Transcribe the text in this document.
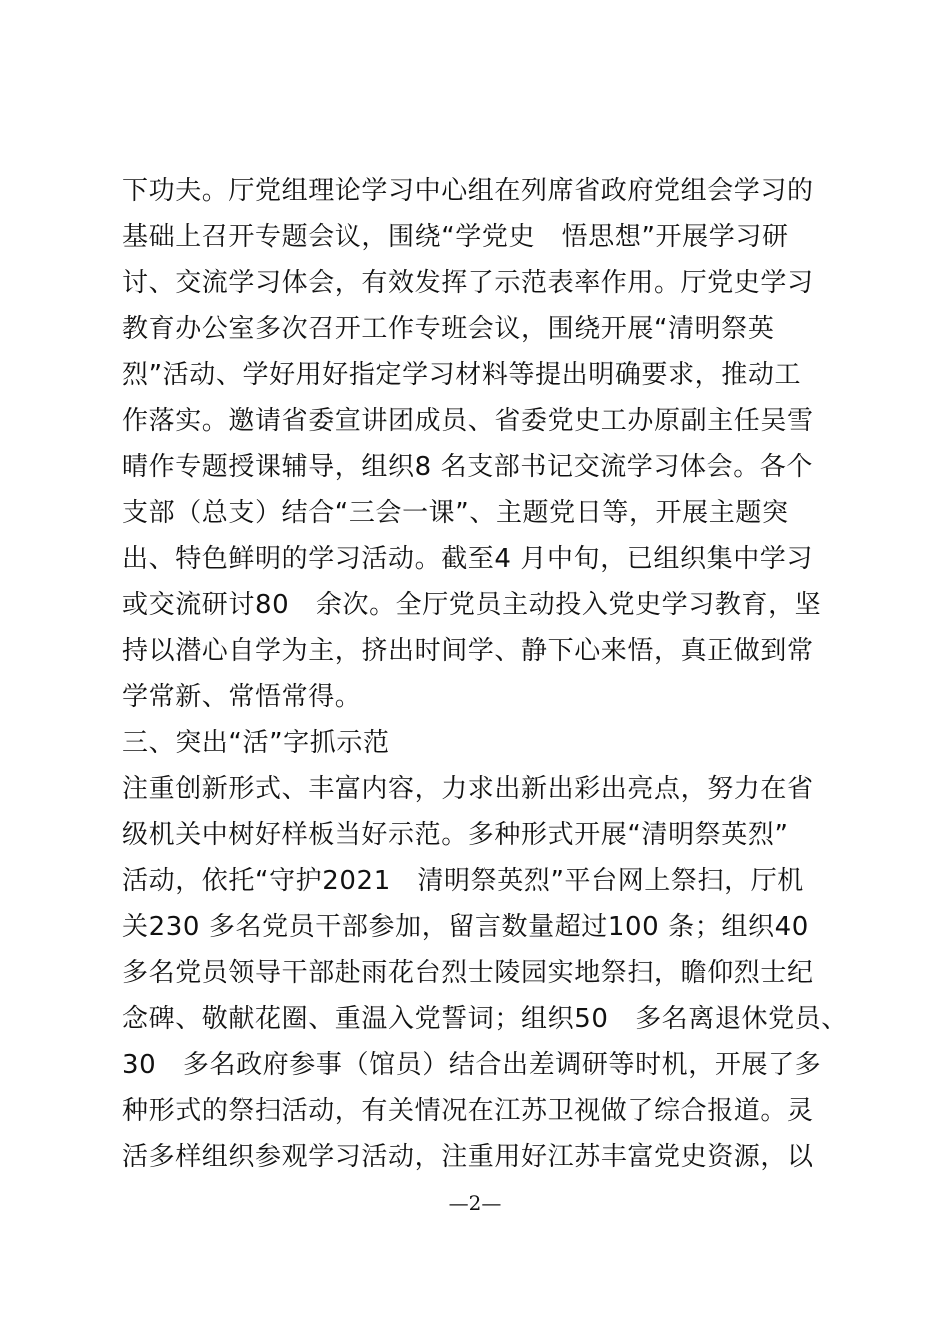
下功夫。厅党组理论学习中心组在列席省政府党组会学习的
基础上召开专题会议，围绕“学党史　悟思想”开展学习研
讨、交流学习体会，有效发挥了示范表率作用。厅党史学习
教育办公室多次召开工作专班会议，围绕开展“清明祭英
烈”活动、学好用好指定学习材料等提出明确要求，推动工
作落实。邀请省委宣讲团成员、省委党史工办原副主任吴雪
晴作专题授课辅导，组织8 名支部书记交流学习体会。各个
支部（总支）结合“三会一课”、主题党日等，开展主题突
出、特色鲜明的学习活动。截至4 月中旬，已组织集中学习
或交流研讨80　余次。全厅党员主动投入党史学习教育，坚
持以潜心自学为主，挤出时间学、静下心来悟，真正做到常
学常新、常悟常得。
三、突出“活”字抓示范
注重创新形式、丰富内容，力求出新出彩出亮点，努力在省
级机关中树好样板当好示范。多种形式开展“清明祭英烈”
活动，依托“守护2021　清明祭英烈”平台网上祭扫，厅机
关230 多名党员干部参加，留言数量超过100 条；组织40
多名党员领导干部赴雨花台烈士陵园实地祭扫，瞻仰烈士纪
念碑、敬献花圈、重温入党誓词；组织50　多名离退休党员、
30　多名政府参事（馆员）结合出差调研等时机，开展了多
种形式的祭扫活动，有关情况在江苏卫视做了综合报道。灵
活多样组织参观学习活动，注重用好江苏丰富党史资源，以
—2—
